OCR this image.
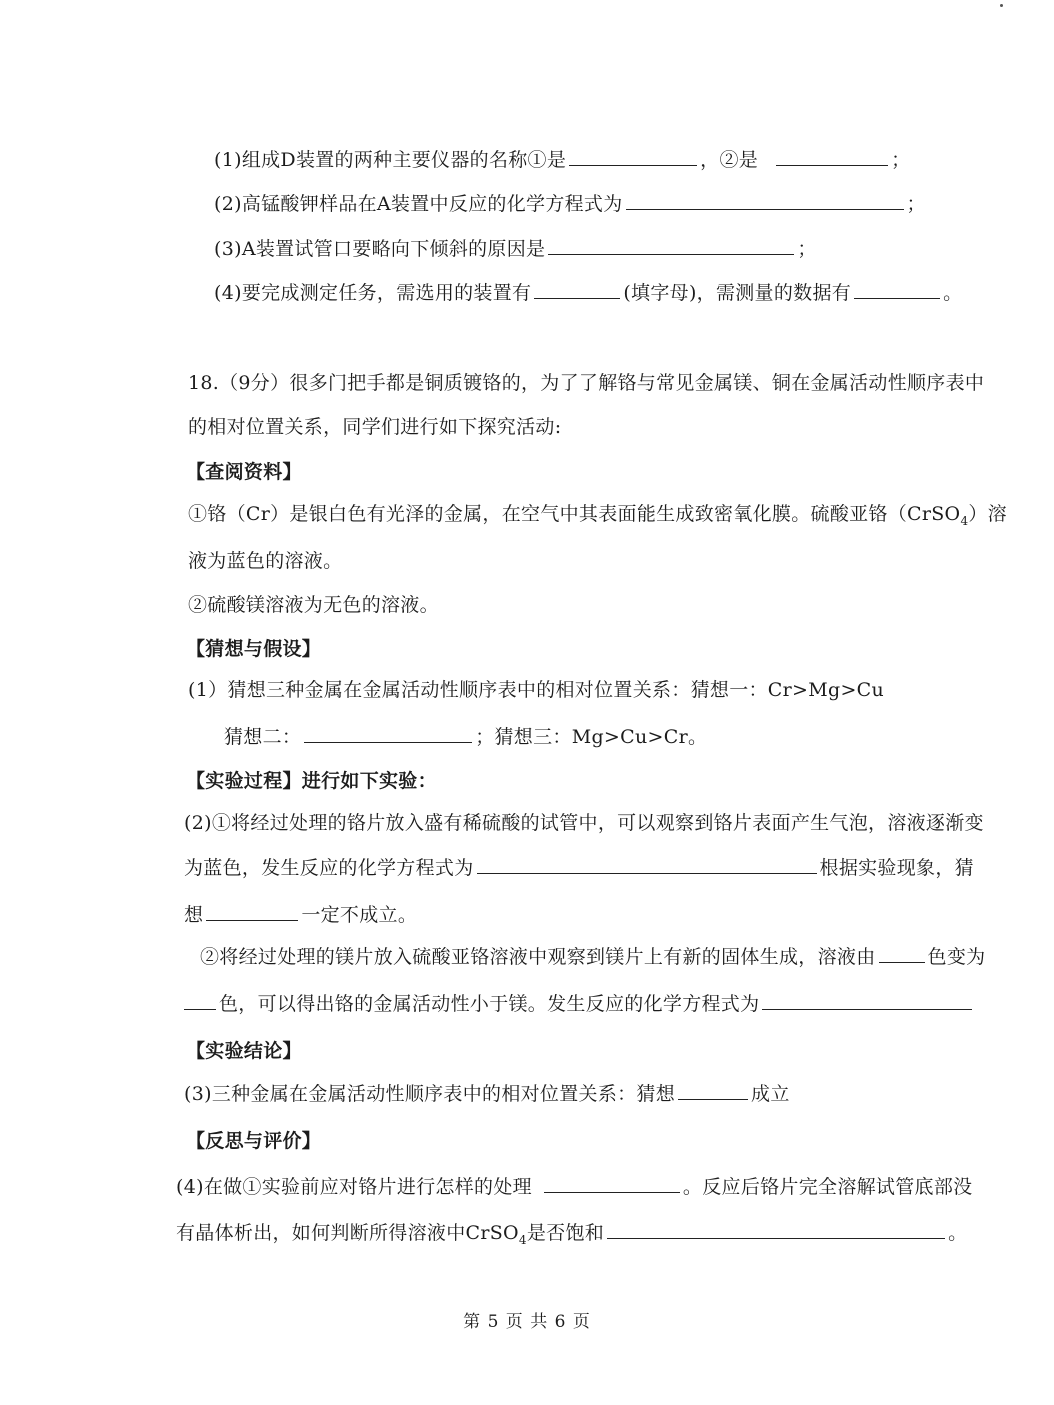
(1)组成D装置的两种主要仪器的名称①是	，②是	；
(2)高锰酸钾样品在A装置中反应的化学方程式为	；
(3)A装置试管口要略向下倾斜的原因是	；
(4)要完成测定任务，需选用的装置有	(填字母)，需测量的数据有	。
18.（9分）很多门把手都是铜质镀铬的，为了了解铬与常见金属镁、铜在金属活动性顺序表中
的相对位置关系，同学们进行如下探究活动:
【查阅资料】
①铬（Cr）是银白色有光泽的金属，在空气中其表面能生成致密氧化膜。硫酸亚铬（CrSO$_4$）溶
液为蓝色的溶液。
②硫酸镁溶液为无色的溶液。
【猜想与假设】
(1）猜想三种金属在金属活动性顺序表中的相对位置关系：猜想一：Cr>Mg>Cu
猜想二：	；猜想三：Mg>Cu>Cr。
【实验过程】进行如下实验：
(2)①将经过处理的铬片放入盛有稀硫酸的试管中，可以观察到铬片表面产生气泡，溶液逐渐变
为蓝色，发生反应的化学方程式为	根据实验现象，猜
想	一定不成立。
②将经过处理的镁片放入硫酸亚铬溶液中观察到镁片上有新的固体生成，溶液由	色变为
色，可以得出铬的金属活动性小于镁。发生反应的化学方程式为
【实验结论】
(3)三种金属在金属活动性顺序表中的相对位置关系：猜想	成立
【反思与评价】
(4)在做①实验前应对铬片进行怎样的处理	。反应后铬片完全溶解试管底部没
有晶体析出，如何判断所得溶液中CrSO$_4$是否饱和	。
第 5 页 共 6 页
